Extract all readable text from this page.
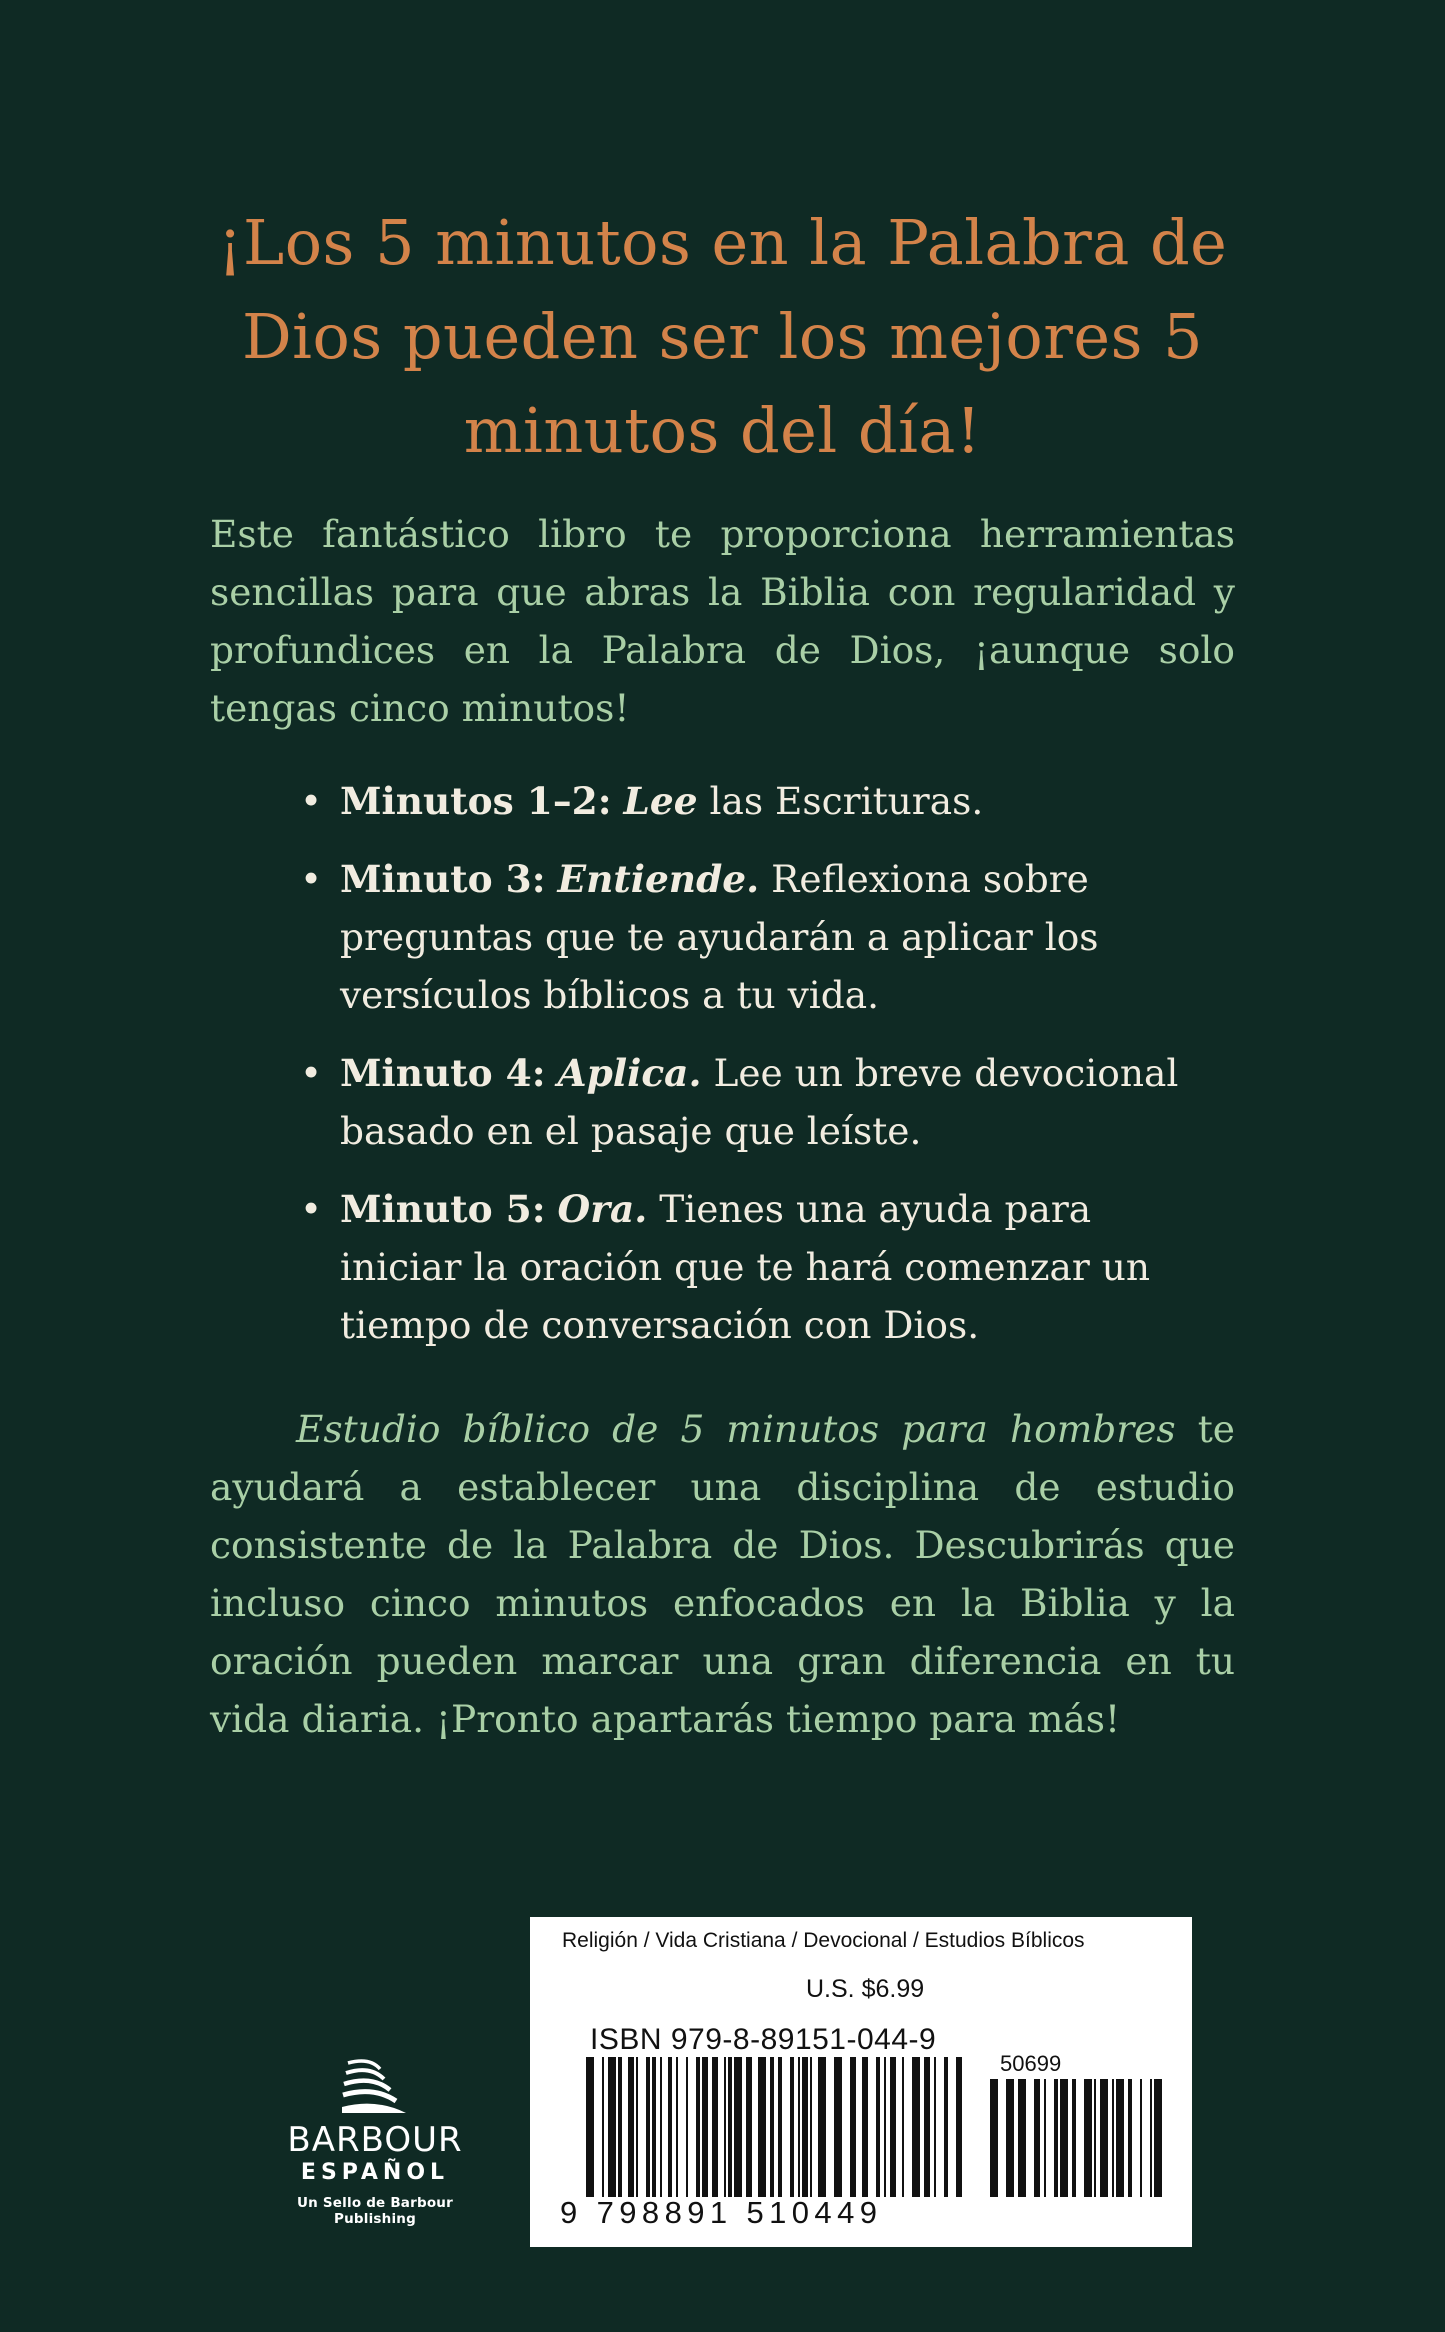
¡Los 5 minutos en la Palabra de Dios pueden ser los mejores 5 minutos del día!

Este fantástico libro te proporciona herramientas sencillas para que abras la Biblia con regularidad y profundices en la Palabra de Dios, ¡aunque solo tengas cinco minutos!

• Minutos 1–2: Lee las Escrituras.
• Minuto 3: Entiende. Reflexiona sobre preguntas que te ayudarán a aplicar los versículos bíblicos a tu vida.
• Minuto 4: Aplica. Lee un breve devocional basado en el pasaje que leíste.
• Minuto 5: Ora. Tienes una ayuda para iniciar la oración que te hará comenzar un tiempo de conversación con Dios.

Estudio bíblico de 5 minutos para hombres te ayudará a establecer una disciplina de estudio consistente de la Palabra de Dios. Descubrirás que incluso cinco minutos enfocados en la Biblia y la oración pueden marcar una gran diferencia en tu vida diaria. ¡Pronto apartarás tiempo para más!

BARBOUR
ESPAÑOL
Un Sello de Barbour Publishing
Religión / Vida Cristiana / Devocional / Estudios Bíblicos
U.S. $6.99
ISBN 979-8-89151-044-9
50699
9 798891 510449
